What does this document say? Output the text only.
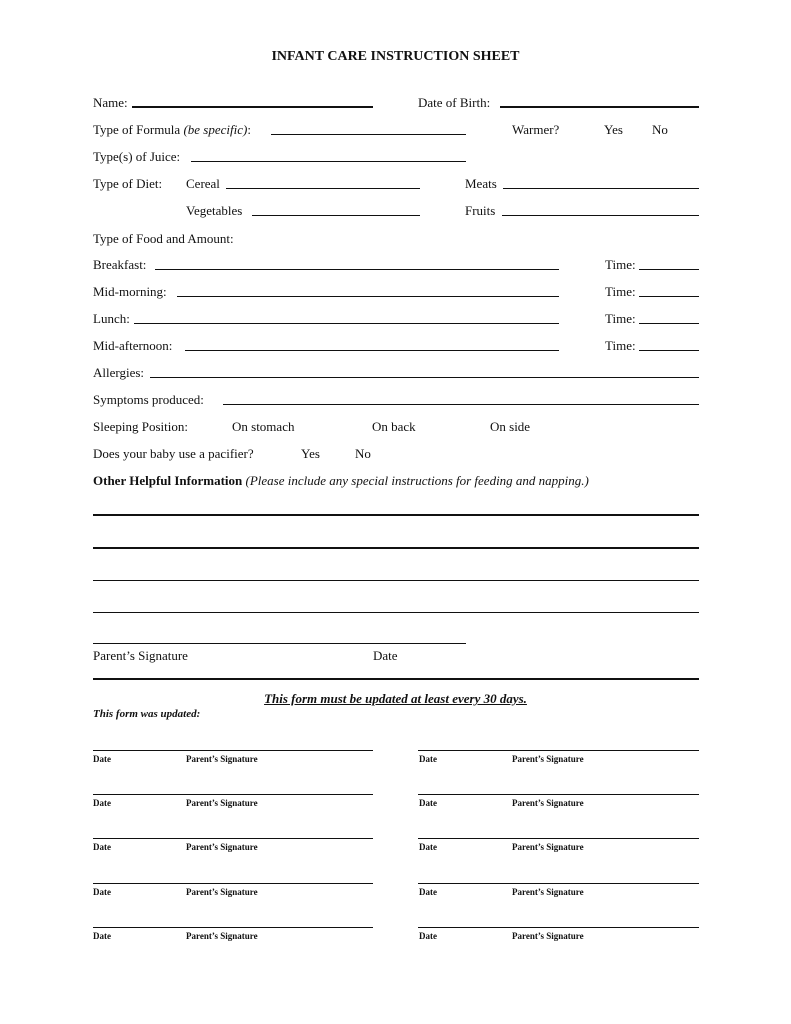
INFANT CARE INSTRUCTION SHEET
Name:	Date of Birth:
Type of Formula (be specific):	Warmer?	Yes No
Type(s) of Juice:
Type of Diet: Cereal	Meats
Vegetables	Fruits
Type of Food and Amount:
Breakfast:	Time:
Mid-morning:	Time:
Lunch:	Time:
Mid-afternoon:	Time:
Allergies:
Symptoms produced:
Sleeping Position:	On stomach	On back	On side
Does your baby use a pacifier?	Yes	No
Other Helpful Information (Please include any special instructions for feeding and napping.)
Parent’s Signature	Date
This form must be updated at least every 30 days.
This form was updated:
Date	Parent’s Signature
Date	Parent’s Signature
Date	Parent’s Signature
Date	Parent’s Signature
Date	Parent’s Signature
Date	Parent’s Signature
Date	Parent’s Signature
Date	Parent’s Signature
Date	Parent’s Signature
Date	Parent’s Signature
